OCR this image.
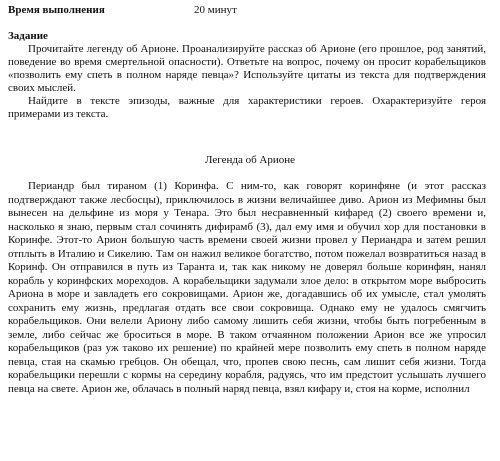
Время выполнения	20 минут
Задание

Прочитайте легенду об Арионе. Проанализируйте рассказ об Арионе (его прошлое, род занятий, поведение во время смертельной опасности). Ответьте на вопрос, почему он просит корабельщиков «позволить ему спеть в полном наряде певца»? Используйте цитаты из текста для подтверждения своих мыслей.

Найдите в тексте эпизоды, важные для характеристики героев. Охарактеризуйте героя примерами из текста.

Легенда об Арионе

Периандр был тираном (1) Коринфа. С ним-то, как говорят коринфяне (и этот рассказ подтверждают также лесбосцы), приключилось в жизни величайшее диво. Арион из Мефимны был вынесен на дельфине из моря у Тенара. Это был несравненный кифаред (2) своего времени и, насколько я знаю, первым стал сочинять дифирамб (3), дал ему имя и обучил хор для постановки в Коринфе. Этот-то Арион большую часть времени своей жизни провел у Периандра и затем решил отплыть в Италию и Сикелию. Там он нажил великое богатство, потом пожелал возвратиться назад в Коринф. Он отправился в путь из Таранта и, так как никому не доверял больше коринфян, нанял корабль у коринфских мореходов. А корабельщики задумали злое дело: в открытом море выбросить Ариона в море и завладеть его сокровищами. Арион же, догадавшись об их умысле, стал умолять сохранить ему жизнь, предлагая отдать все свои сокровища. Однако ему не удалось смягчить корабельщиков. Они велели Ариону либо самому лишить себя жизни, чтобы быть погребенным в земле, либо сейчас же броситься в море. В таком отчаянном положении Арион все же упросил корабельщиков (раз уж таково их решение) по крайней мере позволить ему спеть в полном наряде певца, стая на скамью гребцов. Он обещал, что, пропев свою песнь, сам лишит себя жизни. Тогда корабельщики перешли с кормы на середину корабля, радуясь, что им предстоит услышать лучшего певца на свете. Арион же, облачась в полный наряд певца, взял кифару и, стоя на корме, исполнил
